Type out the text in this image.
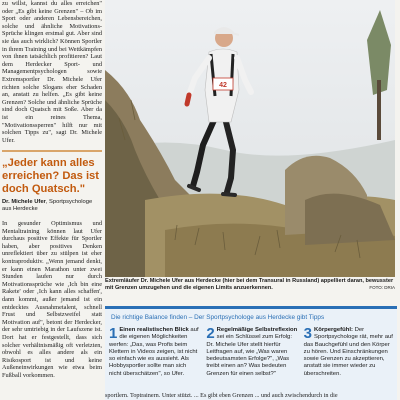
zu willst, kannst du alles erreichen" oder „Es gibt keine Grenzen" – Ob im Sport oder anderen Lebensbereichen, solche und ähnliche Motivations-Sprüche klingen erstmal gut. Aber sind sie das auch wirklich? Können Sportler in ihrem Training und bei Wettkämpfen von ihnen tatsächlich profitieren? Laut dem Herdecker Sport- und Managementpsychologen sowie Extremsportler Dr. Michele Ufer richten solche Slogans eher Schaden an, anstatt zu helfen. „Es gibt keine Grenzen? Solche und ähnliche Sprüche sind doch Quatsch mit Soße. Aber da ist ein reines Thema, "Motivationssperren" hilft nur mit solchen Tipps zu", sagt Dr. Michele Ufer.

„Jeder kann alles erreichen? Das ist doch Quatsch."

Dr. Michele Ufer, Sportpsychologe aus Herdecke

In gesunder Optimismus und Mentaltraining können laut Ufer durchaus positive Effekte für Sportler haben, aber positives Denken unreflektiert über zu stülpen ist eher kontraproduktiv. „Wenn jemand denkt, er kann einen Marathon unter zwei Stunden laufen nur durch Motivationssprüche wie ‚Ich bin eine Rakete' oder ‚Ich kann alles schaffen', dann kommt, außer jemand ist ein entdecktes Ausnahmetalent, schnell Frust und Selbstzweifel statt Motivation auf", betont der Herdecker, der sehr umtriebig in der Laufszene ist. Dort hat er festgestellt, dass sich solcher verhältnismäßig oft verletzten, obwohl es alles andere als ein Risikosport ist und keine Außeneinwirkungen wie etwa beim Fußball vorkommen.

42
Extremläufer Dr. Michele Ufer aus Herdecke (hier bei dem Transural in Russland) appelliert daran, bewusster mit Grenzen umzugehen und die eigenen Limits anzuerkennen.	FOTO: DRIA
Die richtige Balance finden – Der Sportpsychologe aus Herdecke gibt Tipps
1 Einen realistischen Blick auf die eigenen Möglichkeiten werfen: „Das, was Profis beim Klettern in Videos zeigen, ist nicht so einfach wie es aussieht. Als Hobbysportler sollte man sich nicht überschätzen", so Ufer.
2 Regelmäßige Selbstreflexion sei ein Schlüssel zum Erfolg: Dr. Michele Ufer stellt hierfür Leitfragen auf, wie „Was waren bedeutsamsten Erfolge?", „Was treibt einen an? Was bedeuten Grenzen für einen selbst?"
3 Körpergefühl: Der Sportpsychologe rät, mehr auf das Bauchgefühl und den Körper zu hören. Und Einschränkungen sowie Grenzen zu akzeptieren, anstatt sie immer wieder zu überschreiten.
sportlern. Toptrainern. Unter stützt. ... Es gibt eben Grenzen ... und auch zwischendurch in die
